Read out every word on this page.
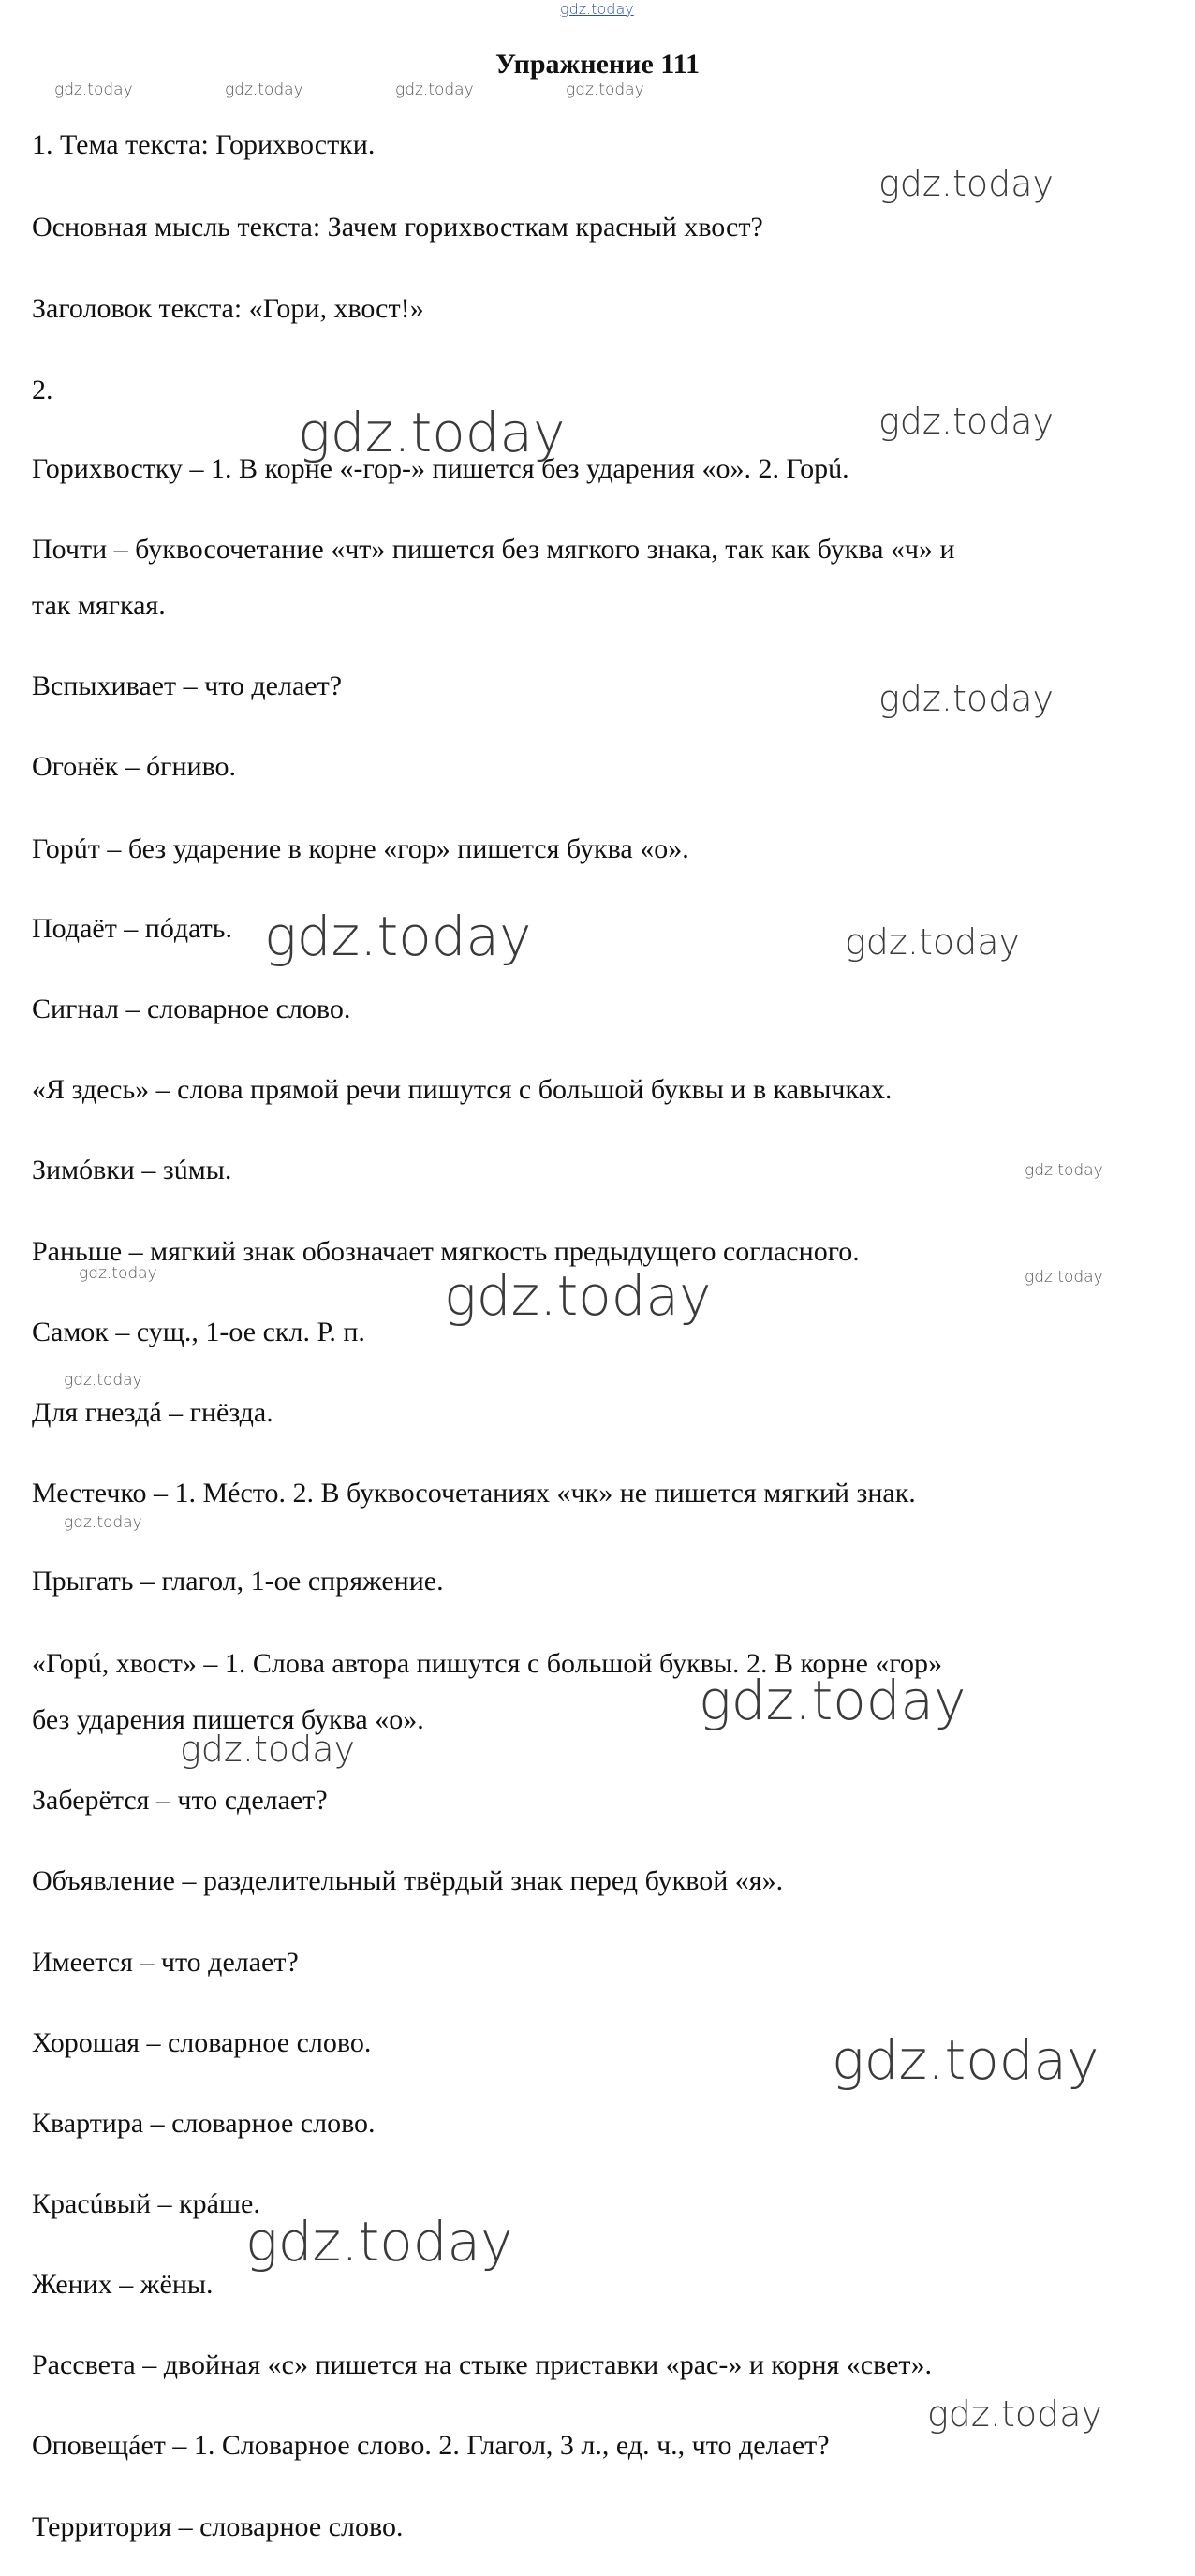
gdz.today
Упражнение 111

1. Тема текста: Горихвостки.

Основная мысль текста: Зачем горихвосткам красный хвост?

Заголовок текста: «Гори, хвост!»

2.

Горихвостку – 1. В корне «-гор-» пишется без ударения «о». 2. Горú.

Почти – буквосочетание «чт» пишется без мягкого знака, так как буква «ч» и

так мягкая.

Вспыхивает – что делает?

Огонёк – óгниво.

Горúт – без ударение в корне «гор» пишется буква «о».

Подаёт – пóдать.

Сигнал – словарное слово.

«Я здесь» – слова прямой речи пишутся с большой буквы и в кавычках.

Зимóвки – зúмы.

Раньше – мягкий знак обозначает мягкость предыдущего согласного.

Самок – сущ., 1-ое скл. Р. п.

Для гнездá – гнёзда.

Местечко – 1. Мéсто. 2. В буквосочетаниях «чк» не пишется мягкий знак.

Прыгать – глагол, 1-ое спряжение.

«Горú, хвост» – 1. Слова автора пишутся с большой буквы. 2. В корне «гор»

без ударения пишется буква «о».

Заберётся – что сделает?

Объявление – разделительный твёрдый знак перед буквой «я».

Имеется – что делает?

Хорошая – словарное слово.

Квартира – словарное слово.

Красúвый – крáше.

Жених – жёны.

Рассвета – двойная «с» пишется на стыке приставки «рас-» и корня «свет».

Оповещáет – 1. Словарное слово. 2. Глагол, 3 л., ед. ч., что делает?

Территория – словарное слово.

gdz.today	gdz.today	gdz.today	gdz.today
gdz.today
gdz.today	gdz.today
gdz.today
gdz.today	gdz.today
gdz.today
gdz.today	gdz.today
gdz.today
gdz.today
gdz.today
gdz.today
gdz.today
gdz.today
gdz.today
gdz.today
